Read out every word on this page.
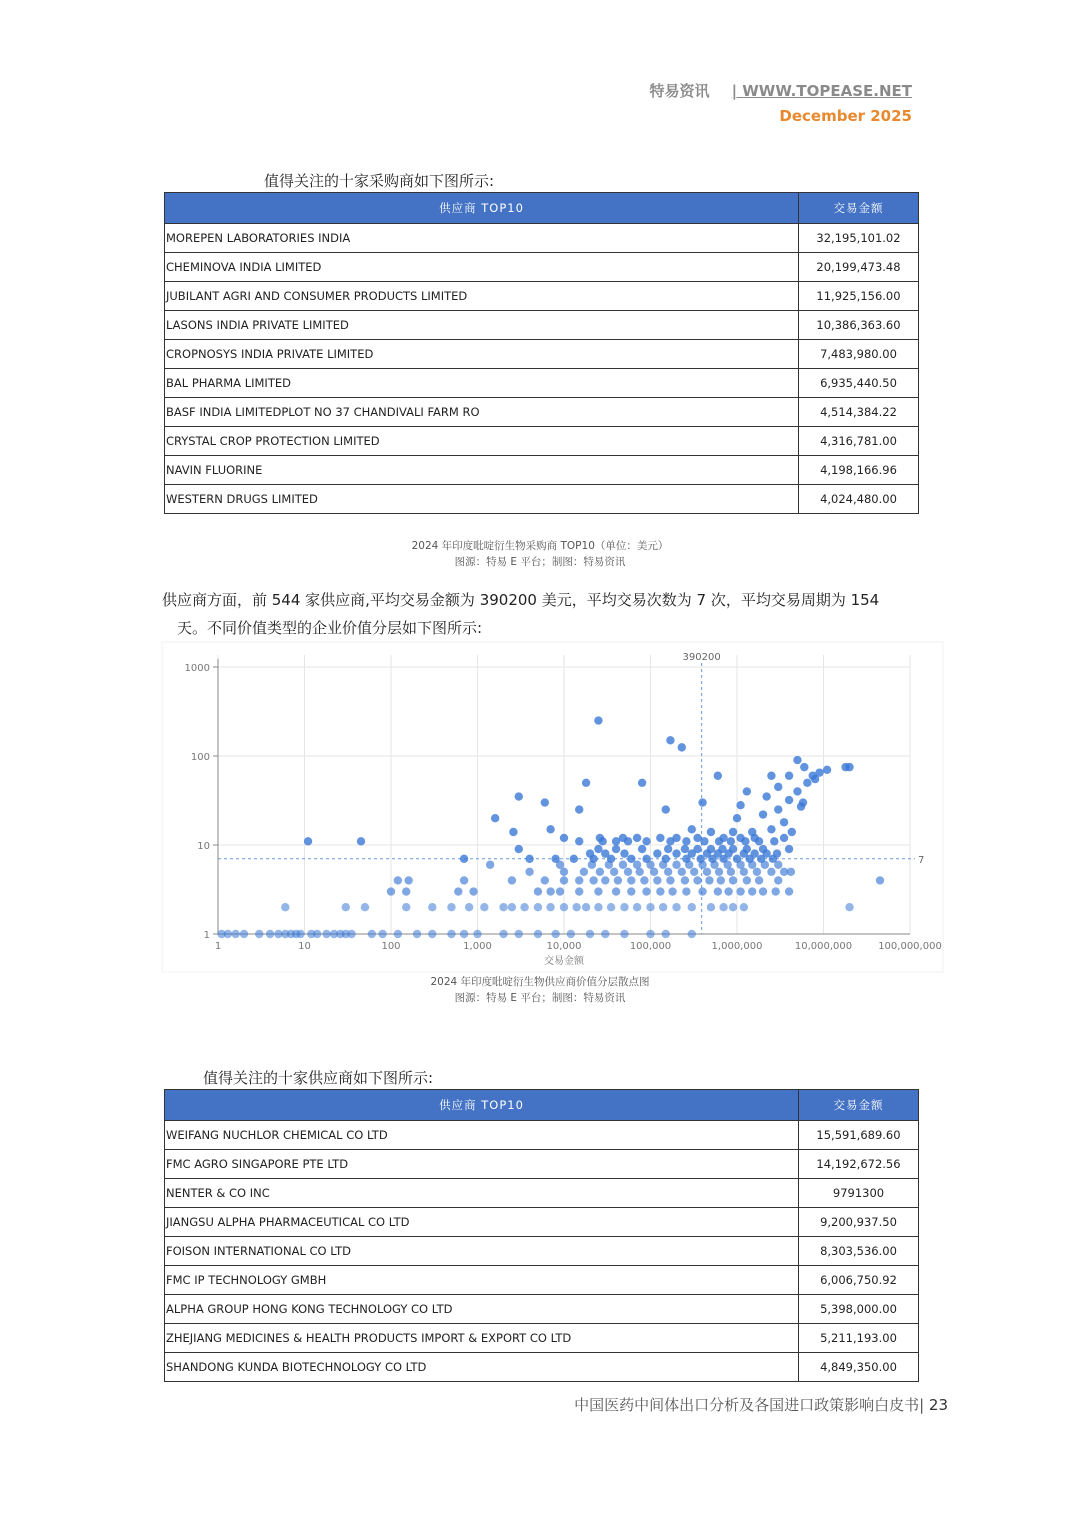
特易资讯 | WWW.TOPEASE.NET
December 2025
值得关注的十家采购商如下图所示:
供应商 TOP10	交易金额
MOREPEN LABORATORIES INDIA	32,195,101.02
CHEMINOVA INDIA LIMITED	20,199,473.48
JUBILANT AGRI AND CONSUMER PRODUCTS LIMITED	11,925,156.00
LASONS INDIA PRIVATE LIMITED	10,386,363.60
CROPNOSYS INDIA PRIVATE LIMITED	7,483,980.00
BAL PHARMA LIMITED	6,935,440.50
BASF INDIA LIMITEDPLOT NO 37 CHANDIVALI FARM RO	4,514,384.22
CRYSTAL CROP PROTECTION LIMITED	4,316,781.00
NAVIN FLUORINE	4,198,166.96
WESTERN DRUGS LIMITED	4,024,480.00
2024 年印度吡啶衍生物采购商 TOP10（单位：美元）
图源：特易 E 平台；制图：特易资讯
供应商方面，前 544 家供应商,平均交易金额为 390200 美元，平均交易次数为 7 次，平均交易周期为 154
天。不同价值类型的企业价值分层如下图所示:
1	10	100	1,000	10,000	100,000	1,000,000	10,000,000	100,000,000
1
10
100
1000
390200
7
交易金额
2024 年印度吡啶衍生物供应商价值分层散点图
图源：特易 E 平台；制图：特易资讯
值得关注的十家供应商如下图所示:
供应商 TOP10	交易金额
WEIFANG NUCHLOR CHEMICAL CO LTD	15,591,689.60
FMC AGRO SINGAPORE PTE LTD	14,192,672.56
NENTER & CO INC	9791300
JIANGSU ALPHA PHARMACEUTICAL CO LTD	9,200,937.50
FOISON INTERNATIONAL CO LTD	8,303,536.00
FMC IP TECHNOLOGY GMBH	6,006,750.92
ALPHA GROUP HONG KONG TECHNOLOGY CO LTD	5,398,000.00
ZHEJIANG MEDICINES & HEALTH PRODUCTS IMPORT & EXPORT CO LTD	5,211,193.00
SHANDONG KUNDA BIOTECHNOLOGY CO LTD	4,849,350.00
中国医药中间体出口分析及各国进口政策影响白皮书| 23
